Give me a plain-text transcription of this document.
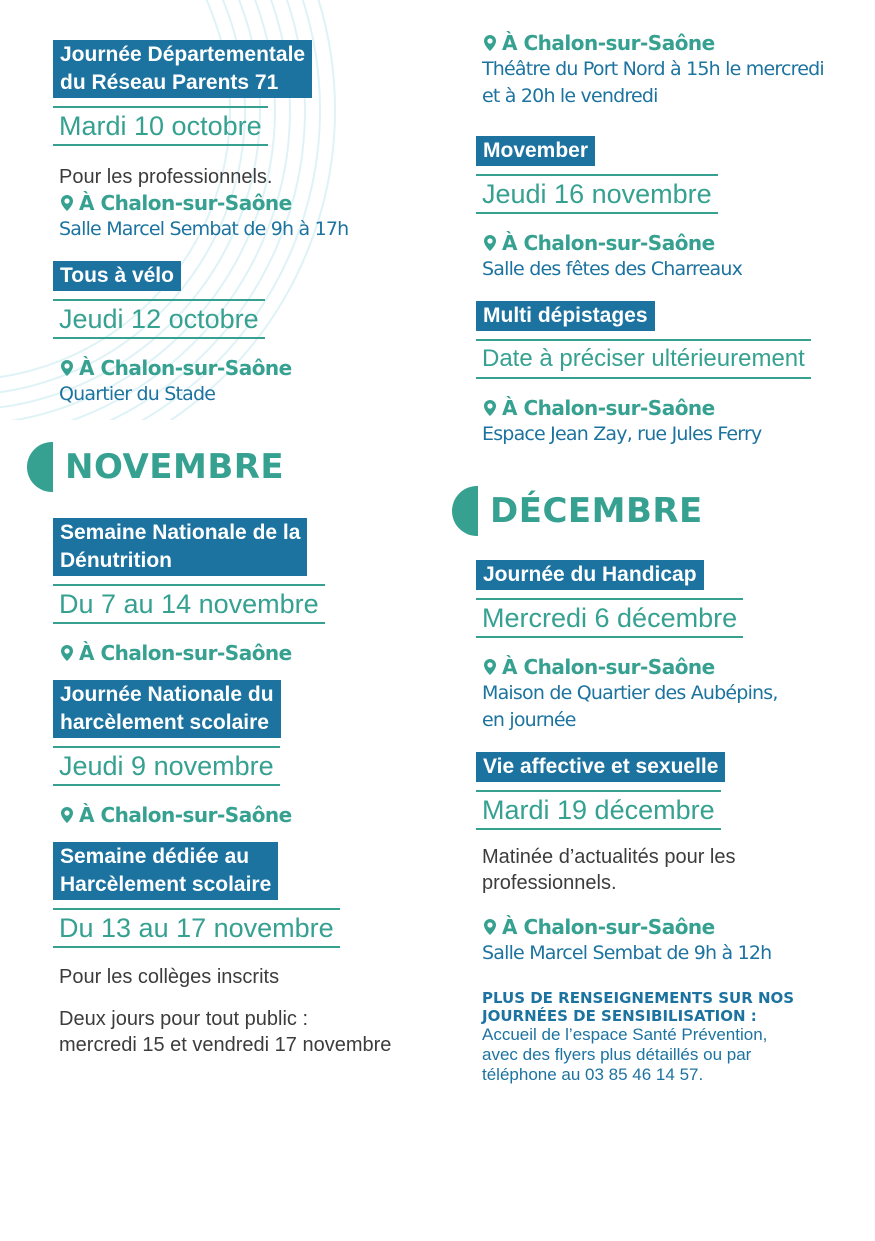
Journée Départementale
du Réseau Parents 71

Mardi 10 octobre
Pour les professionnels.
À Chalon-sur-Saône
Salle Marcel Sembat de 9h à 17h
Tous à vélo
Jeudi 12 octobre
À Chalon-sur-Saône
Quartier du Stade
NOVEMBRE
Semaine Nationale de la
Dénutrition

Du 7 au 14 novembre
À Chalon-sur-Saône
Journée Nationale du
harcèlement scolaire

Jeudi 9 novembre
À Chalon-sur-Saône
Semaine dédiée au
Harcèlement scolaire

Du 13 au 17 novembre
Pour les collèges inscrits
Deux jours pour tout public :
mercredi 15 et vendredi 17 novembre
À Chalon-sur-Saône
Théâtre du Port Nord à 15h le mercredi
et à 20h le vendredi
Movember
Jeudi 16 novembre
À Chalon-sur-Saône
Salle des fêtes des Charreaux
Multi dépistages
Date à préciser ultérieurement
À Chalon-sur-Saône
Espace Jean Zay, rue Jules Ferry
DÉCEMBRE
Journée du Handicap
Mercredi 6 décembre
À Chalon-sur-Saône
Maison de Quartier des Aubépins,
en journée
Vie affective et sexuelle
Mardi 19 décembre
Matinée d’actualités pour les
professionnels.
À Chalon-sur-Saône
Salle Marcel Sembat de 9h à 12h
PLUS DE RENSEIGNEMENTS SUR NOS
JOURNÉES DE SENSIBILISATION :
Accueil de l’espace Santé Prévention,
avec des flyers plus détaillés ou par
téléphone au 03 85 46 14 57.
